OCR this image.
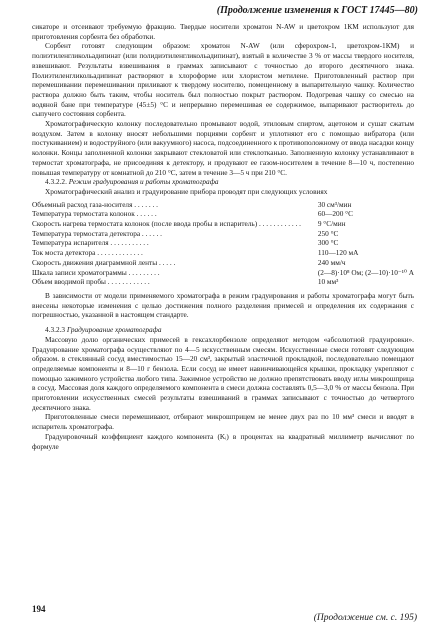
(Продолжение изменения к ГОСТ 17445—80)

сикаторе и отсеивают требуемую фракцию. Твердые носители хроматон N-AW и цветохром 1КМ используют для приготовления сорбента без обработки.

Сорбент готовят следующим образом: хроматон N-AW (или сферохром-1, цветохром-1КМ) и полиэтиленгликольадипинат (или полидиэтиленгликольадипинат), взятый в количестве 3 % от массы твердого носителя, взвешивают. Результаты взвешивания в граммах записывают с точностью до второго десятичного знака. Полиэтиленгликольадипинат растворяют в хлороформе или хлористом метилене. Приготовленный раствор при перемешивании перемешивании приливают к твердому носителю, помещенному в выпарительную чашку. Количество раствора должно быть таким, чтобы носитель был полностью покрыт раствором. Подогревая чашку со смесью на водяной бане при температуре (45±5) °С и непрерывно перемешивая ее содержимое, выпаривают растворитель до сыпучего состояния сорбента.

Хроматографическую колонку последовательно промывают водой, этиловым спиртом, ацетоном и сушат сжатым воздухом. Затем в колонку вносят небольшими порциями сорбент и уплотняют его с помощью вибратора (или постукиванием) и водоструйного (или вакуумного) насоса, подсоединенного к противоположному от ввода насадки концу колонки. Концы заполненной колонки закрывают стекловатой или стеклотканью. Заполненную колонку устанавливают в термостат хроматографа, не присоединяя к детектору, и продувают ее газом-носителем в течение 8—10 ч, постепенно повышая температуру от комнатной до 210 °С, затем в течение 3—5 ч при 210 °С.

4.3.2.2. Режим градуирования и работы хроматографа

Хроматографический анализ и градуирование прибора проводят при следующих условиях

Объемный расход газа-носителя . . . . . . .	30 см³/мин
Температура термостата колонок . . . . . .	60—200 °С
Скорость нагрева термостата колонок (после ввода пробы в испаритель) . . . . . . . . . . . .	9 °С/мин
Температура термостата детектора . . . . . .	250 °С
Температура испарителя . . . . . . . . . . .	300 °С
Ток моста детектора . . . . . . . . . . . . .	110—120 мА
Скорость движения диаграммной ленты . . . . .	240 мм/ч
Шкала записи хроматограммы . . . . . . . . .	(2—8)·10⁸ Ом; (2—10)·10⁻¹⁰ А
Объем вводимой пробы . . . . . . . . . . . .	10 мм³

В зависимости от модели применяемого хроматографа в режим градуирования и работы хроматографа могут быть внесены некоторые изменения с целью достижения полного разделения примесей и определения их содержания с погрешностью, указанной в настоящем стандарте.

4.3.2.3 Градуирование хроматографа

Массовую долю органических примесей в гексахлорбензоле определяют методом «абсолютной градуировки». Градуирование хроматографа осуществляют по 4—5 искусственным смесям. Искусственные смеси готовят следующим образом. в стеклянный сосуд вместимостью 15—20 см³, закрытый эластичной прокладкой, последовательно помещают определяемые компоненты и 8—10 г бензола. Если сосуд не имеет навинчивающейся крышки, прокладку укрепляют с помощью зажимного устройства любого типа. Зажимное устройство не должно препятствовать вводу иглы микрошприца в сосуд. Массовая доля каждого определяемого компонента в смеси должна составлять 0,5—3,0 % от массы бензола. При приготовлении искусственных смесей результаты взвешиваний в граммах записывают с точностью до четвертого десятичного знака.

Приготовленные смеси перемешивают, отбирают микрошприцем не менее двух раз по 10 мм³ смеси и вводят в испаритель хроматографа.

Градуировочный коэффициент каждого компонента (Kᵢ) в процентах на квадратный миллиметр вычисляют по формуле

194
(Продолжение см. с. 195)
